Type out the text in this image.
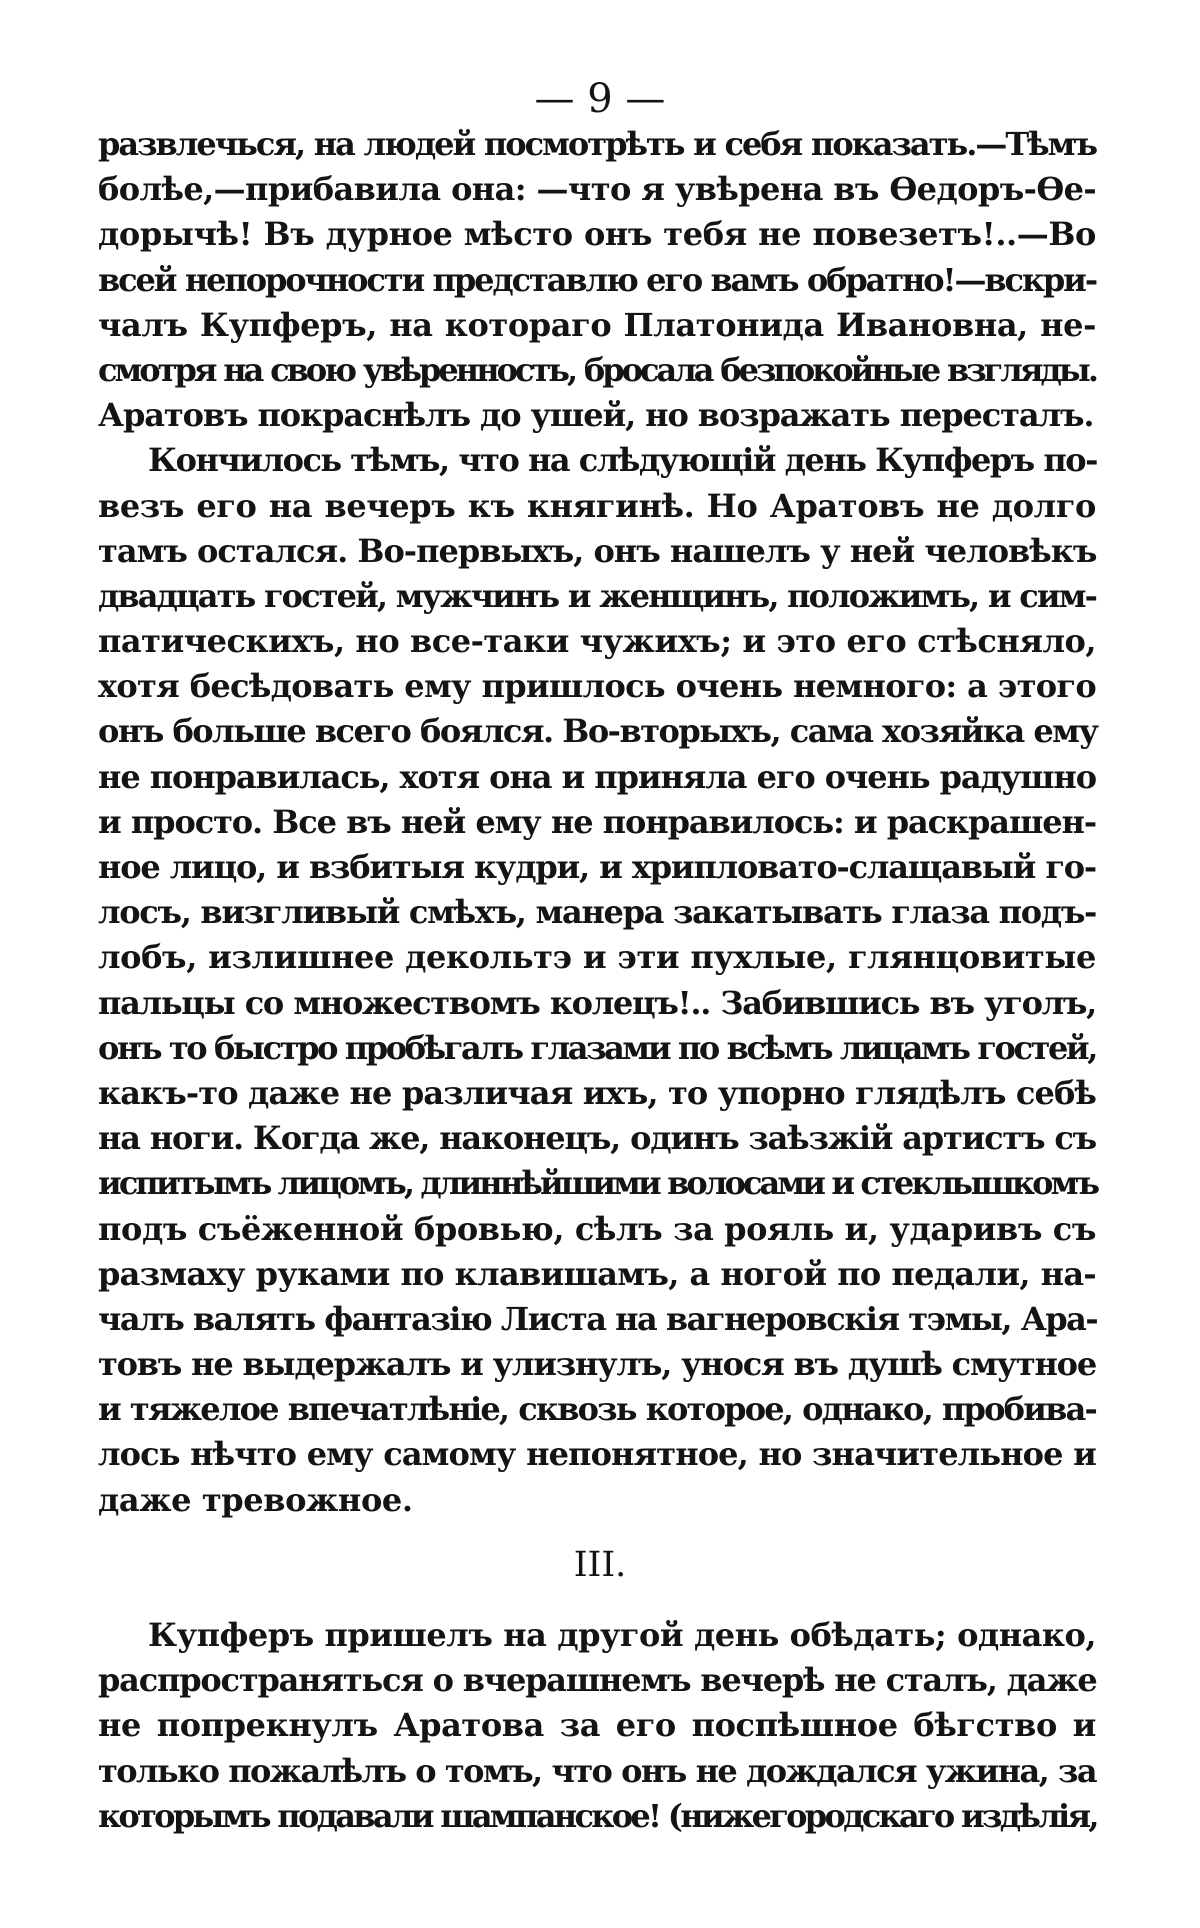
— 9 —
развлечься, на людей посмотрѣть и себя показать.—Тѣмъ
болѣе,—прибавила она: —что я увѣрена въ Ѳедоръ-Ѳе-
дорычѣ! Въ дурное мѣсто онъ тебя не повезетъ!..—Во
всей непорочности представлю его вамъ обратно!—вскри-
чалъ Купферъ, на котораго Платонида Ивановна, не-
смотря на свою увѣренность, бросала безпокойные взгляды.
Аратовъ покраснѣлъ до ушей, но возражать пересталъ.
Кончилось тѣмъ, что на слѣдующій день Купферъ по-
везъ его на вечеръ къ княгинѣ. Но Аратовъ не долго
тамъ остался. Во-первыхъ, онъ нашелъ у ней человѣкъ
двадцать гостей, мужчинъ и женщинъ, положимъ, и сим-
патическихъ, но все-таки чужихъ; и это его стѣсняло,
хотя бесѣдовать ему пришлось очень немного: а этого
онъ больше всего боялся. Во-вторыхъ, сама хозяйка ему
не понравилась, хотя она и приняла его очень радушно
и просто. Все въ ней ему не понравилось: и раскрашен-
ное лицо, и взбитыя кудри, и хрипловато-слащавый го-
лосъ, визгливый смѣхъ, манера закатывать глаза подъ-
лобъ, излишнее декольтэ и эти пухлые, глянцовитые
пальцы со множествомъ колецъ!.. Забившись въ уголъ,
онъ то быстро пробѣгалъ глазами по всѣмъ лицамъ гостей,
какъ-то даже не различая ихъ, то упорно глядѣлъ себѣ
на ноги. Когда же, наконецъ, одинъ заѣзжій артистъ съ
испитымъ лицомъ, длиннѣйшими волосами и стеклышкомъ
подъ съёженной бровью, сѣлъ за рояль и, ударивъ съ
размаху руками по клавишамъ, а ногой по педали, на-
чалъ валять фантазію Листа на вагнеровскія тэмы, Ара-
товъ не выдержалъ и улизнулъ, унося въ душѣ смутное
и тяжелое впечатлѣніе, сквозь которое, однако, пробива-
лось нѣчто ему самому непонятное, но значительное и
даже тревожное.
III.
Купферъ пришелъ на другой день обѣдать; однако,
распространяться о вчерашнемъ вечерѣ не сталъ, даже
не попрекнулъ Аратова за его поспѣшное бѣгство и
только пожалѣлъ о томъ, что онъ не дождался ужина, за
которымъ подавали шампанское! (нижегородскаго издѣлія,
